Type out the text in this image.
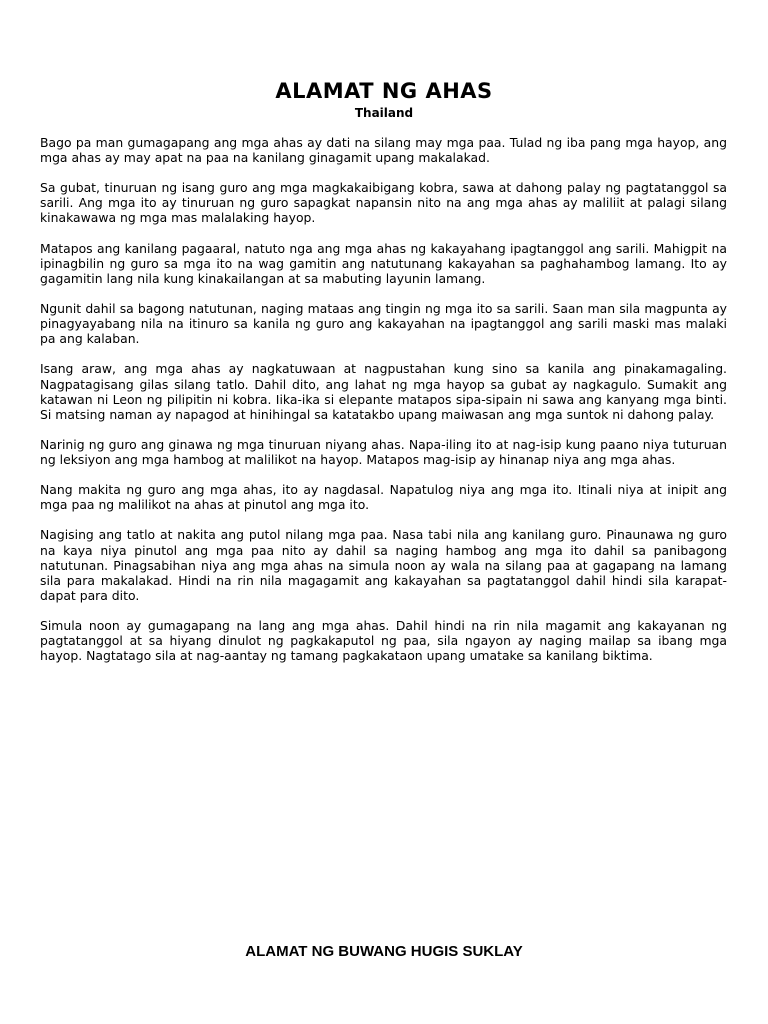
ALAMAT NG AHAS
Thailand

Bago pa man gumagapang ang mga ahas ay dati na silang may mga paa. Tulad ng iba pang mga hayop, ang mga ahas ay may apat na paa na kanilang ginagamit upang makalakad.

Sa gubat, tinuruan ng isang guro ang mga magkakaibigang kobra, sawa at dahong palay ng pagtatanggol sa sarili. Ang mga ito ay tinuruan ng guro sapagkat napansin nito na ang mga ahas ay maliliit at palagi silang kinakawawa ng mga mas malalaking hayop.

Matapos ang kanilang pagaaral, natuto nga ang mga ahas ng kakayahang ipagtanggol ang sarili. Mahigpit na ipinagbilin ng guro sa mga ito na wag gamitin ang natutunang kakayahan sa paghahambog lamang. Ito ay gagamitin lang nila kung kinakailangan at sa mabuting layunin lamang.

Ngunit dahil sa bagong natutunan, naging mataas ang tingin ng mga ito sa sarili. Saan man sila magpunta ay pinagyayabang nila na itinuro sa kanila ng guro ang kakayahan na ipagtanggol ang sarili maski mas malaki pa ang kalaban.

Isang araw, ang mga ahas ay nagkatuwaan at nagpustahan kung sino sa kanila ang pinakamagaling. Nagpatagisang gilas silang tatlo. Dahil dito, ang lahat ng mga hayop sa gubat ay nagkagulo. Sumakit ang katawan ni Leon ng pilipitin ni kobra. Iika-ika si elepante matapos sipa-sipain ni sawa ang kanyang mga binti. Si matsing naman ay napagod at hinihingal sa katatakbo upang maiwasan ang mga suntok ni dahong palay.

Narinig ng guro ang ginawa ng mga tinuruan niyang ahas. Napa-iling ito at nag-isip kung paano niya tuturuan ng leksiyon ang mga hambog at malilikot na hayop. Matapos mag-isip ay hinanap niya ang mga ahas.

Nang makita ng guro ang mga ahas, ito ay nagdasal. Napatulog niya ang mga ito. Itinali niya at inipit ang mga paa ng malilikot na ahas at pinutol ang mga ito.

Nagising ang tatlo at nakita ang putol nilang mga paa. Nasa tabi nila ang kanilang guro. Pinaunawa ng guro na kaya niya pinutol ang mga paa nito ay dahil sa naging hambog ang mga ito dahil sa panibagong natutunan. Pinagsabihan niya ang mga ahas na simula noon ay wala na silang paa at gagapang na lamang sila para makalakad. Hindi na rin nila magagamit ang kakayahan sa pagtatanggol dahil hindi sila karapat-dapat para dito.

Simula noon ay gumagapang na lang ang mga ahas. Dahil hindi na rin nila magamit ang kakayanan ng pagtatanggol at sa hiyang dinulot ng pagkakaputol ng paa, sila ngayon ay naging mailap sa ibang mga hayop. Nagtatago sila at nag-aantay ng tamang pagkakataon upang umatake sa kanilang biktima.

ALAMAT NG BUWANG HUGIS SUKLAY
